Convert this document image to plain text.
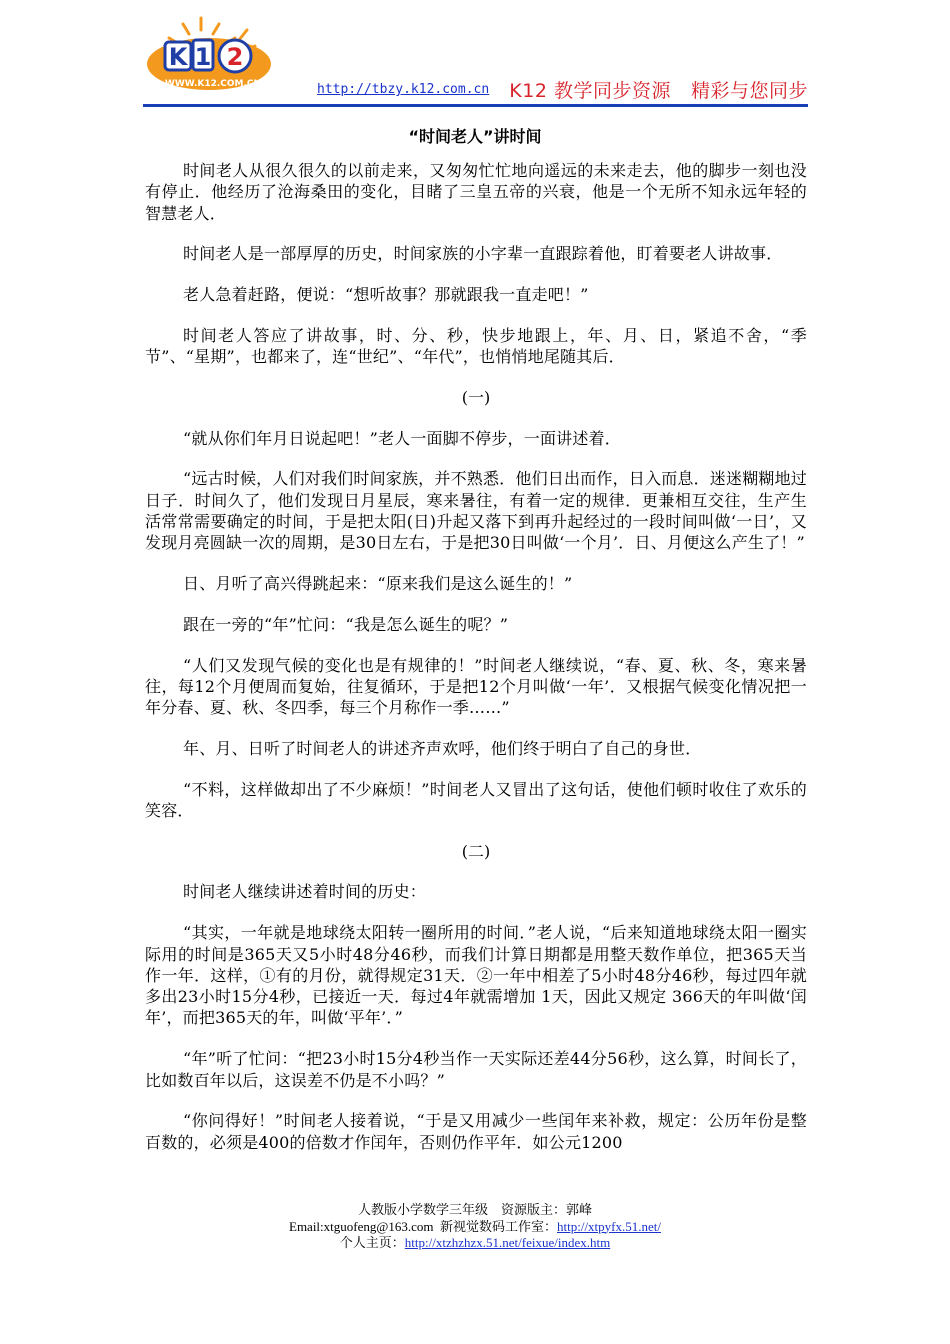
K 1 2
WWW.K12.COM.CN	http://tbzy.k12.com.cn K12 教学同步资源 精彩与您同步
“时间老人”讲时间

时间老人从很久很久的以前走来，又匆匆忙忙地向遥远的未来走去，他的脚步一刻也没有停止．他经历了沧海桑田的变化，目睹了三皇五帝的兴衰，他是一个无所不知永远年轻的智慧老人．

时间老人是一部厚厚的历史，时间家族的小字辈一直跟踪着他，盯着要老人讲故事．

老人急着赶路，便说：“想听故事？那就跟我一直走吧！”

时间老人答应了讲故事，时、分、秒，快步地跟上，年、月、日，紧追不舍，“季节”、“星期”，也都来了，连“世纪”、“年代”，也悄悄地尾随其后．

(一)

“就从你们年月日说起吧！”老人一面脚不停步，一面讲述着．

“远古时候，人们对我们时间家族，并不熟悉．他们日出而作，日入而息．迷迷糊糊地过日子．时间久了，他们发现日月星辰，寒来暑往，有着一定的规律．更兼相互交往，生产生活常常需要确定的时间，于是把太阳(日)升起又落下到再升起经过的一段时间叫做‘一日’，又发现月亮圆缺一次的周期，是30日左右，于是把30日叫做‘一个月’．日、月便这么产生了！”

日、月听了高兴得跳起来：“原来我们是这么诞生的！”

跟在一旁的“年”忙问：“我是怎么诞生的呢？”

“人们又发现气候的变化也是有规律的！”时间老人继续说，“春、夏、秋、冬，寒来暑往，每12个月便周而复始，往复循环，于是把12个月叫做‘一年’．又根据气候变化情况把一年分春、夏、秋、冬四季，每三个月称作一季……”

年、月、日听了时间老人的讲述齐声欢呼，他们终于明白了自己的身世．

“不料，这样做却出了不少麻烦！”时间老人又冒出了这句话，使他们顿时收住了欢乐的笑容．

(二)

时间老人继续讲述着时间的历史：

“其实，一年就是地球绕太阳转一圈所用的时间．”老人说，“后来知道地球绕太阳一圈实际用的时间是365天又5小时48分46秒，而我们计算日期都是用整天数作单位，把365天当作一年．这样，①有的月份，就得规定31天．②一年中相差了5小时48分46秒，每过四年就多出23小时15分4秒，已接近一天．每过4年就需增加 1天，因此又规定 366天的年叫做‘闰年’，而把365天的年，叫做‘平年’．”

“年”听了忙问：“把23小时15分4秒当作一天实际还差44分56秒，这么算，时间长了，比如数百年以后，这误差不仍是不小吗？”

“你问得好！”时间老人接着说，“于是又用减少一些闰年来补救，规定：公历年份是整百数的，必须是400的倍数才作闰年，否则仍作平年．如公元1200

人教版小学数学三年级　资源版主：郭峰
Email:xtguofeng@163.com 新视觉数码工作室：http://xtpyfx.51.net/
个人主页：http://xtzhzhzx.51.net/feixue/index.htm
